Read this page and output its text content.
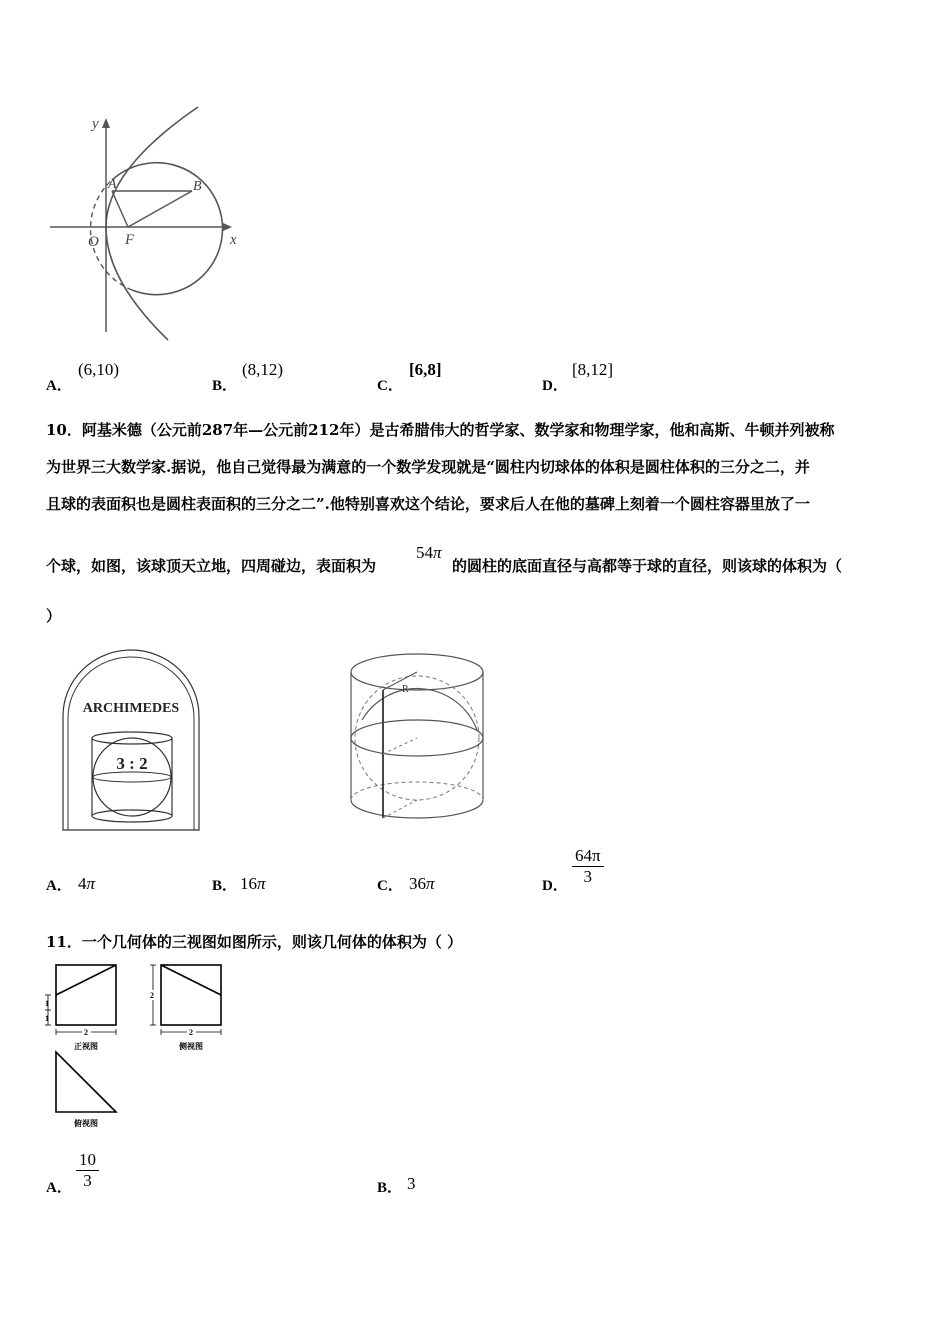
y
x
O F
A	B
A．
(6,10)
B．
(8,12)
C．
[6,8]
D．
[8,12]
10．阿基米德（公元前287年—公元前212年）是古希腊伟大的哲学家、数学家和物理学家，他和高斯、牛顿并列被称
为世界三大数学家.据说，他自己觉得最为满意的一个数学发现就是“圆柱内切球体的体积是圆柱体积的三分之二，并
且球的表面积也是圆柱表面积的三分之二”.他特别喜欢这个结论，要求后人在他的墓碑上刻着一个圆柱容器里放了一
个球，如图，该球顶天立地，四周碰边，表面积为
54π
的圆柱的底面直径与高都等于球的直径，则该球的体积为（
）
ARCHIMEDES
3 : 2
R
A． 4π	B． 16π	C． 36π	D． $\frac{64\pi}{3}$
11．一个几何体的三视图如图所示，则该几何体的体积为（ ）
1
1
2
正视图
2
2
侧视图
俯视图
A． $\frac{10}{3}$	B． 3
